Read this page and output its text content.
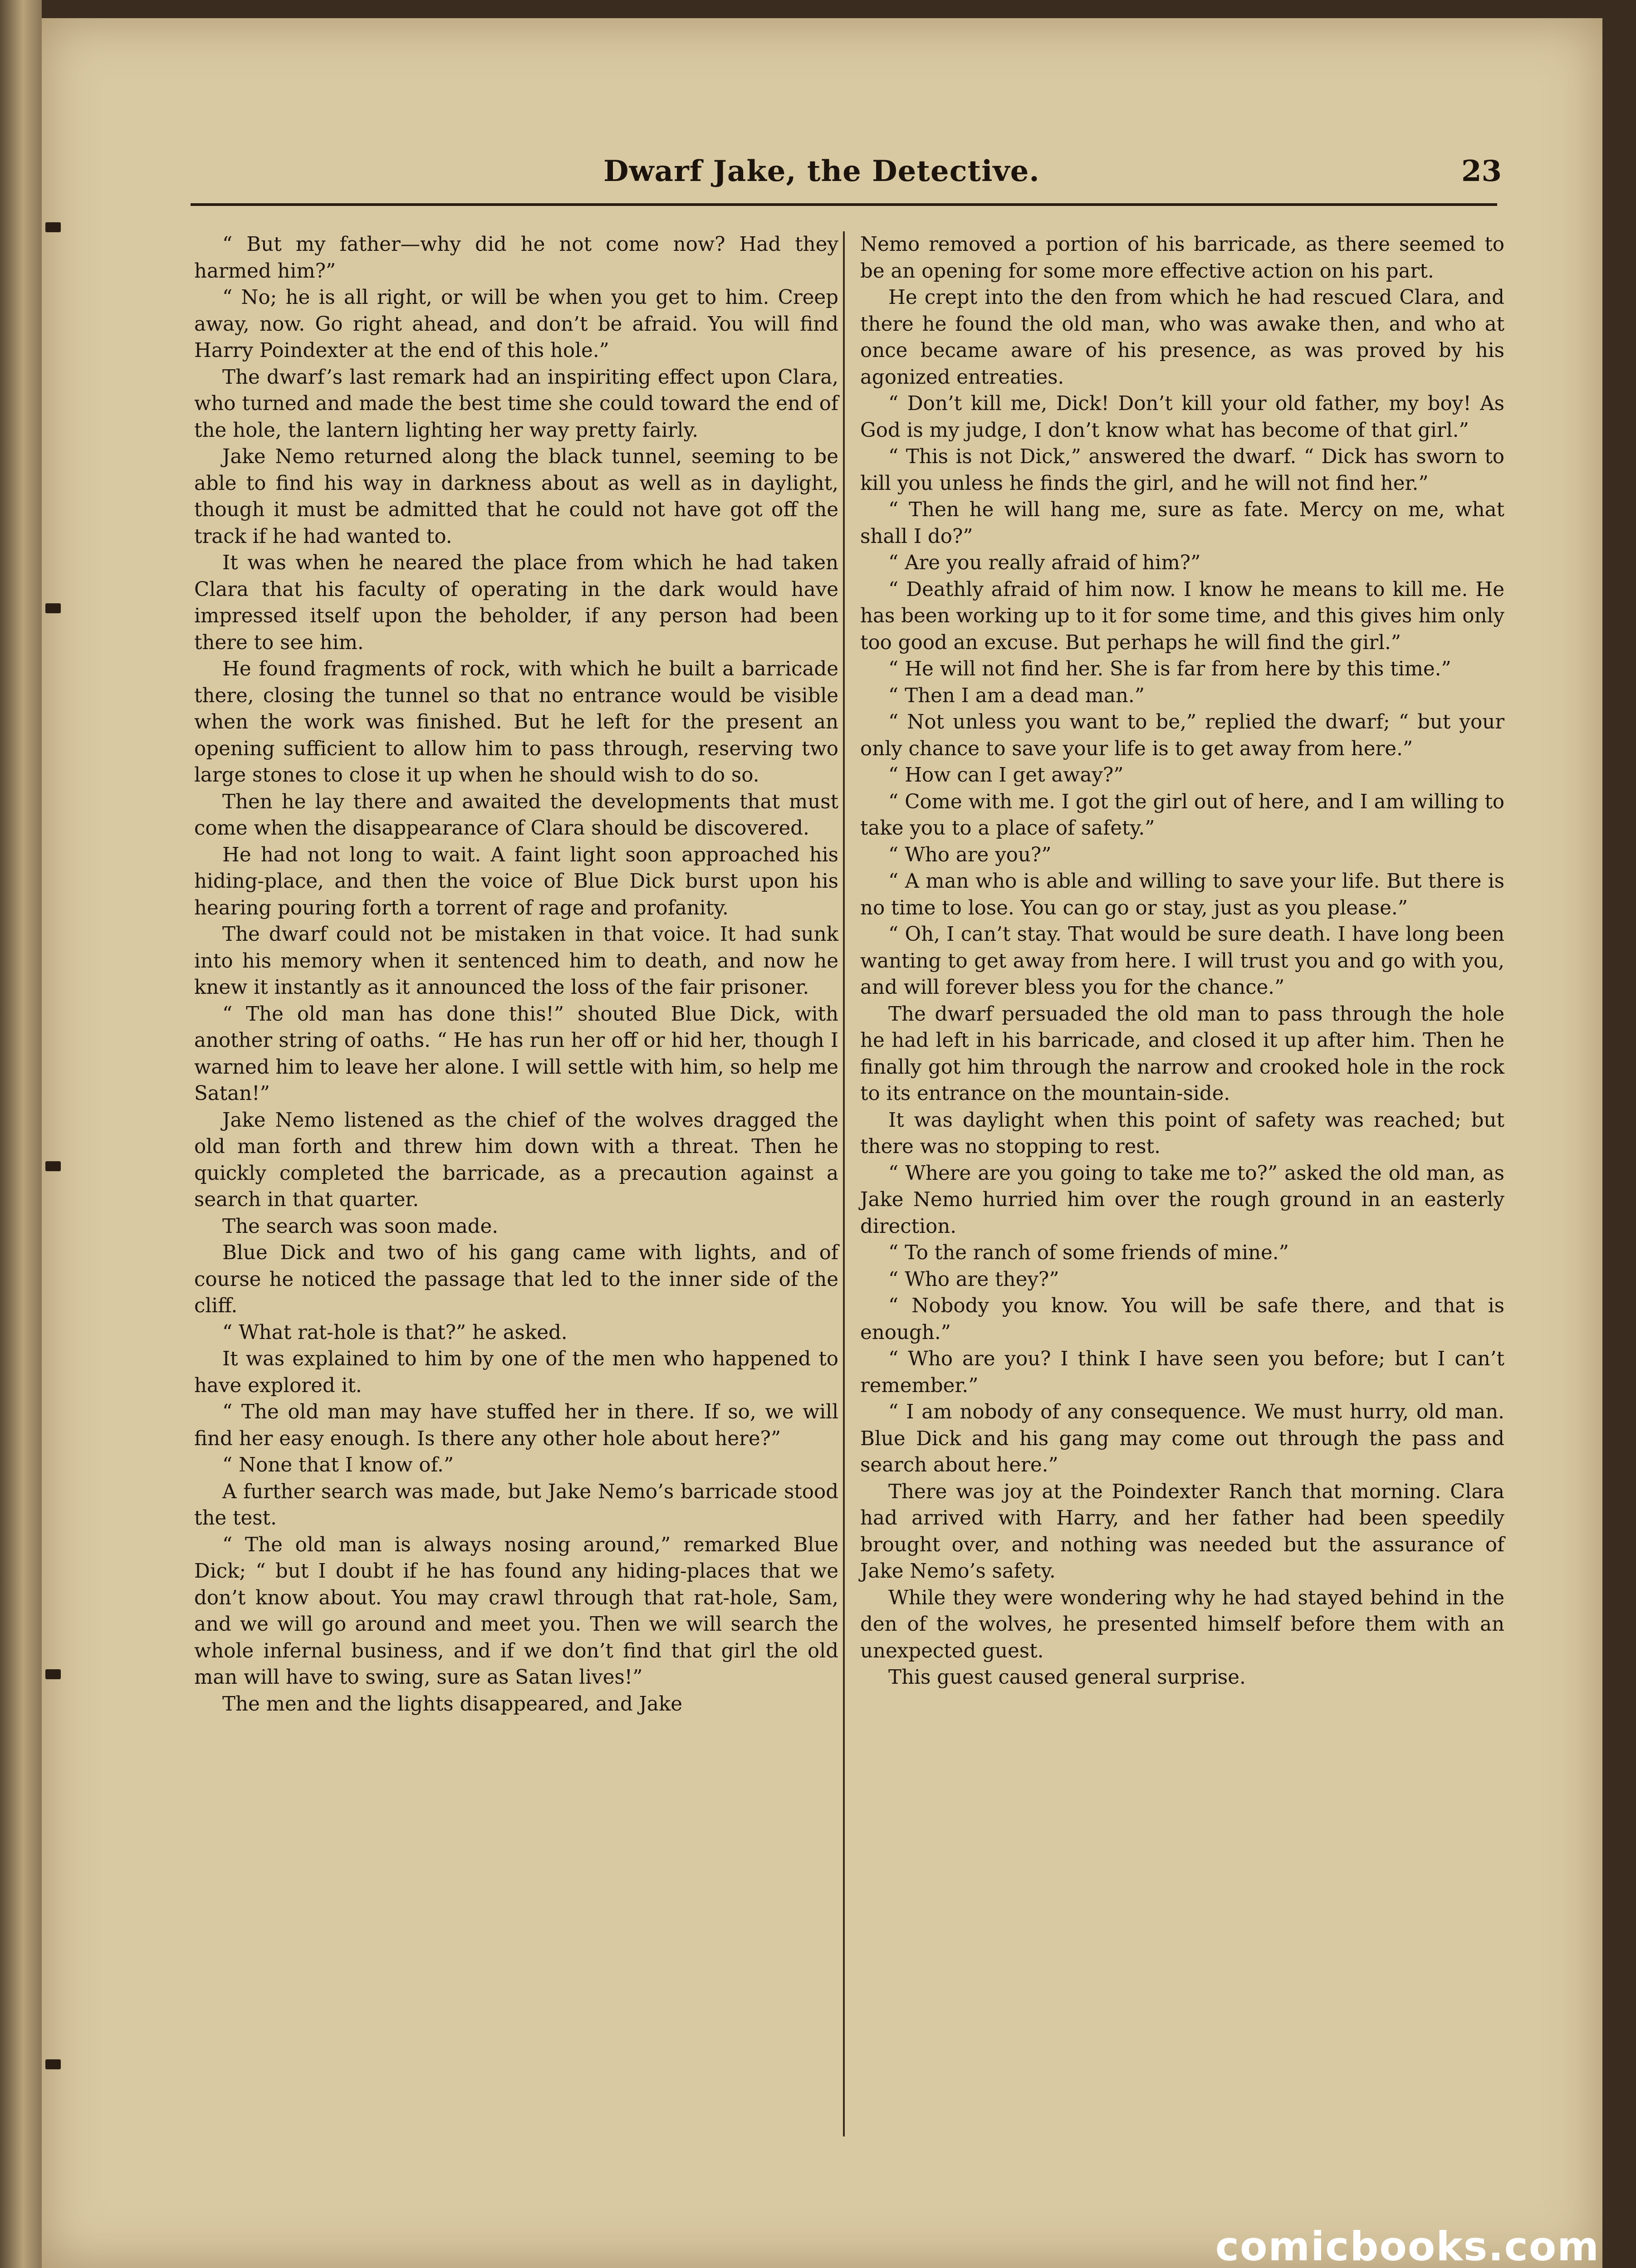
Dwarf Jake, the Detective.	23

“ But my father—why did he not come now? Had they harmed him?”

“ No; he is all right, or will be when you get to him. Creep away, now. Go right ahead, and don’t be afraid. You will find Harry Poindexter at the end of this hole.”

The dwarf’s last remark had an inspiriting effect upon Clara, who turned and made the best time she could toward the end of the hole, the lantern lighting her way pretty fairly.

Jake Nemo returned along the black tunnel, seeming to be able to find his way in darkness about as well as in daylight, though it must be admitted that he could not have got off the track if he had wanted to.

It was when he neared the place from which he had taken Clara that his faculty of operating in the dark would have impressed itself upon the beholder, if any person had been there to see him.

He found fragments of rock, with which he built a barricade there, closing the tunnel so that no entrance would be visible when the work was finished. But he left for the present an opening sufficient to allow him to pass through, reserving two large stones to close it up when he should wish to do so.

Then he lay there and awaited the developments that must come when the disappearance of Clara should be discovered.

He had not long to wait. A faint light soon approached his hiding-place, and then the voice of Blue Dick burst upon his hearing pouring forth a torrent of rage and profanity.

The dwarf could not be mistaken in that voice. It had sunk into his memory when it sentenced him to death, and now he knew it instantly as it announced the loss of the fair prisoner.

“ The old man has done this!” shouted Blue Dick, with another string of oaths. “ He has run her off or hid her, though I warned him to leave her alone. I will settle with him, so help me Satan!”

Jake Nemo listened as the chief of the wolves dragged the old man forth and threw him down with a threat. Then he quickly completed the barricade, as a precaution against a search in that quarter.

The search was soon made.

Blue Dick and two of his gang came with lights, and of course he noticed the passage that led to the inner side of the cliff.

“ What rat-hole is that?” he asked.

It was explained to him by one of the men who happened to have explored it.

“ The old man may have stuffed her in there. If so, we will find her easy enough. Is there any other hole about here?”

“ None that I know of.”

A further search was made, but Jake Nemo’s barricade stood the test.

“ The old man is always nosing around,” remarked Blue Dick; “ but I doubt if he has found any hiding-places that we don’t know about. You may crawl through that rat-hole, Sam, and we will go around and meet you. Then we will search the whole infernal business, and if we don’t find that girl the old man will have to swing, sure as Satan lives!”

The men and the lights disappeared, and Jake

Nemo removed a portion of his barricade, as there seemed to be an opening for some more effective action on his part.

He crept into the den from which he had rescued Clara, and there he found the old man, who was awake then, and who at once became aware of his presence, as was proved by his agonized entreaties.

“ Don’t kill me, Dick! Don’t kill your old father, my boy! As God is my judge, I don’t know what has become of that girl.”

“ This is not Dick,” answered the dwarf. “ Dick has sworn to kill you unless he finds the girl, and he will not find her.”

“ Then he will hang me, sure as fate. Mercy on me, what shall I do?”

“ Are you really afraid of him?”

“ Deathly afraid of him now. I know he means to kill me. He has been working up to it for some time, and this gives him only too good an excuse. But perhaps he will find the girl.”

“ He will not find her. She is far from here by this time.”

“ Then I am a dead man.”

“ Not unless you want to be,” replied the dwarf; “ but your only chance to save your life is to get away from here.”

“ How can I get away?”

“ Come with me. I got the girl out of here, and I am willing to take you to a place of safety.”

“ Who are you?”

“ A man who is able and willing to save your life. But there is no time to lose. You can go or stay, just as you please.”

“ Oh, I can’t stay. That would be sure death. I have long been wanting to get away from here. I will trust you and go with you, and will forever bless you for the chance.”

The dwarf persuaded the old man to pass through the hole he had left in his barricade, and closed it up after him. Then he finally got him through the narrow and crooked hole in the rock to its entrance on the mountain-side.

It was daylight when this point of safety was reached; but there was no stopping to rest.

“ Where are you going to take me to?” asked the old man, as Jake Nemo hurried him over the rough ground in an easterly direction.

“ To the ranch of some friends of mine.”

“ Who are they?”

“ Nobody you know. You will be safe there, and that is enough.”

“ Who are you? I think I have seen you before; but I can’t remember.”

“ I am nobody of any consequence. We must hurry, old man. Blue Dick and his gang may come out through the pass and search about here.”

There was joy at the Poindexter Ranch that morning. Clara had arrived with Harry, and her father had been speedily brought over, and nothing was needed but the assurance of Jake Nemo’s safety.

While they were wondering why he had stayed behind in the den of the wolves, he presented himself before them with an unexpected guest.

This guest caused general surprise.

comicbooks.com
